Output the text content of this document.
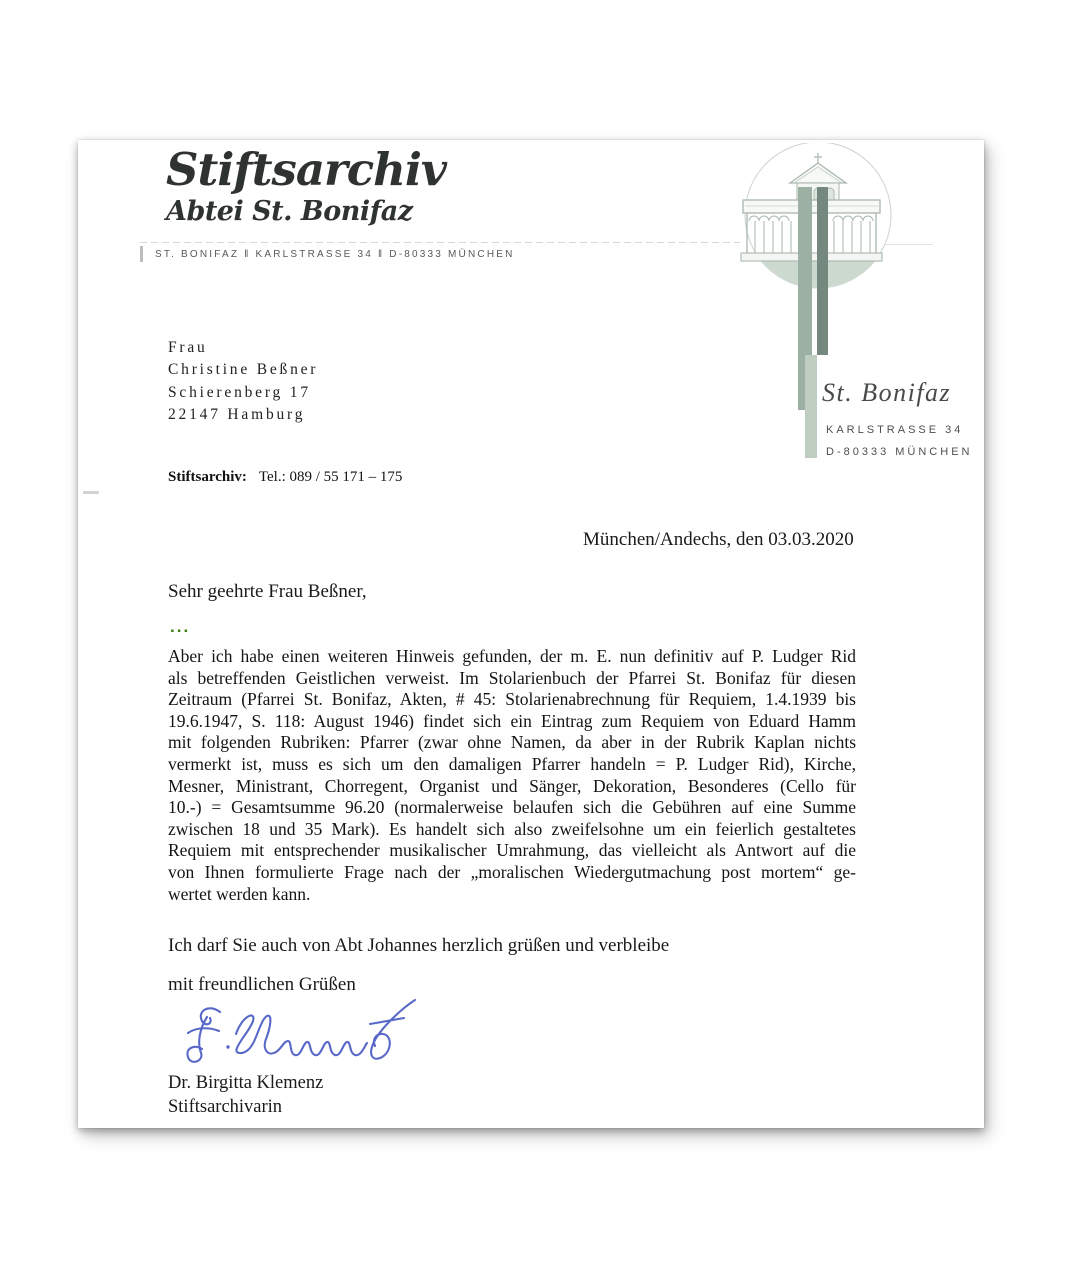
Stiftsarchiv
Abtei St. Bonifaz
ST. BONIFAZ ‖ KARLSTRASSE 34 ‖ D-80333 MÜNCHEN
St. Bonifaz
KARLSTRASSE 34
D-80333 MÜNCHEN
Frau
Christine Beßner
Schierenberg 17
22147 Hamburg
Stiftsarchiv: Tel.: 089 / 55 171 – 175
München/Andechs, den 03.03.2020
Sehr geehrte Frau Beßner,
...
Aber ich habe einen weiteren Hinweis gefunden, der m. E. nun definitiv auf P. Ludger Rid
als betreffenden Geistlichen verweist. Im Stolarienbuch der Pfarrei St. Bonifaz für diesen
Zeitraum (Pfarrei St. Bonifaz, Akten, # 45: Stolarienabrechnung für Requiem, 1.4.1939 bis
19.6.1947, S. 118: August 1946) findet sich ein Eintrag zum Requiem von Eduard Hamm
mit folgenden Rubriken: Pfarrer (zwar ohne Namen, da aber in der Rubrik Kaplan nichts
vermerkt ist, muss es sich um den damaligen Pfarrer handeln = P. Ludger Rid), Kirche,
Mesner, Ministrant, Chorregent, Organist und Sänger, Dekoration, Besonderes (Cello für
10.-) = Gesamtsumme 96.20 (normalerweise belaufen sich die Gebühren auf eine Summe
zwischen 18 und 35 Mark). Es handelt sich also zweifelsohne um ein feierlich gestaltetes
Requiem mit entsprechender musikalischer Umrahmung, das vielleicht als Antwort auf die
von Ihnen formulierte Frage nach der „moralischen Wiedergutmachung post mortem“ ge-
wertet werden kann.
Ich darf Sie auch von Abt Johannes herzlich grüßen und verbleibe
mit freundlichen Grüßen
Dr. Birgitta Klemenz
Stiftsarchivarin
